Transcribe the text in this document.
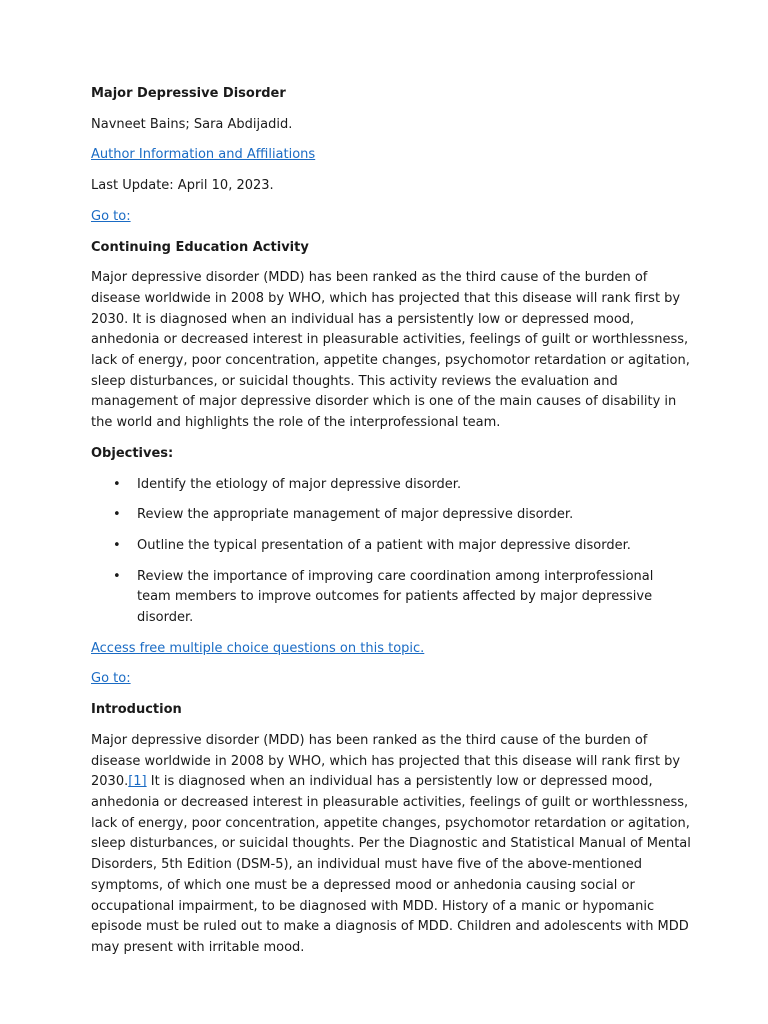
Major Depressive Disorder

Navneet Bains; Sara Abdijadid.

Author Information and Affiliations

Last Update: April 10, 2023.

Go to:

Continuing Education Activity

Major depressive disorder (MDD) has been ranked as the third cause of the burden of disease worldwide in 2008 by WHO, which has projected that this disease will rank first by 2030. It is diagnosed when an individual has a persistently low or depressed mood, anhedonia or decreased interest in pleasurable activities, feelings of guilt or worthlessness, lack of energy, poor concentration, appetite changes, psychomotor retardation or agitation, sleep disturbances, or suicidal thoughts. This activity reviews the evaluation and management of major depressive disorder which is one of the main causes of disability in the world and highlights the role of the interprofessional team.

Objectives:

• Identify the etiology of major depressive disorder.
• Review the appropriate management of major depressive disorder.
• Outline the typical presentation of a patient with major depressive disorder.
• Review the importance of improving care coordination among interprofessional team members to improve outcomes for patients affected by major depressive disorder.

Access free multiple choice questions on this topic.

Go to:

Introduction

Major depressive disorder (MDD) has been ranked as the third cause of the burden of disease worldwide in 2008 by WHO, which has projected that this disease will rank first by 2030.[1] It is diagnosed when an individual has a persistently low or depressed mood, anhedonia or decreased interest in pleasurable activities, feelings of guilt or worthlessness, lack of energy, poor concentration, appetite changes, psychomotor retardation or agitation, sleep disturbances, or suicidal thoughts. Per the Diagnostic and Statistical Manual of Mental Disorders, 5th Edition (DSM-5), an individual must have five of the above-mentioned symptoms, of which one must be a depressed mood or anhedonia causing social or occupational impairment, to be diagnosed with MDD. History of a manic or hypomanic episode must be ruled out to make a diagnosis of MDD. Children and adolescents with MDD may present with irritable mood.
